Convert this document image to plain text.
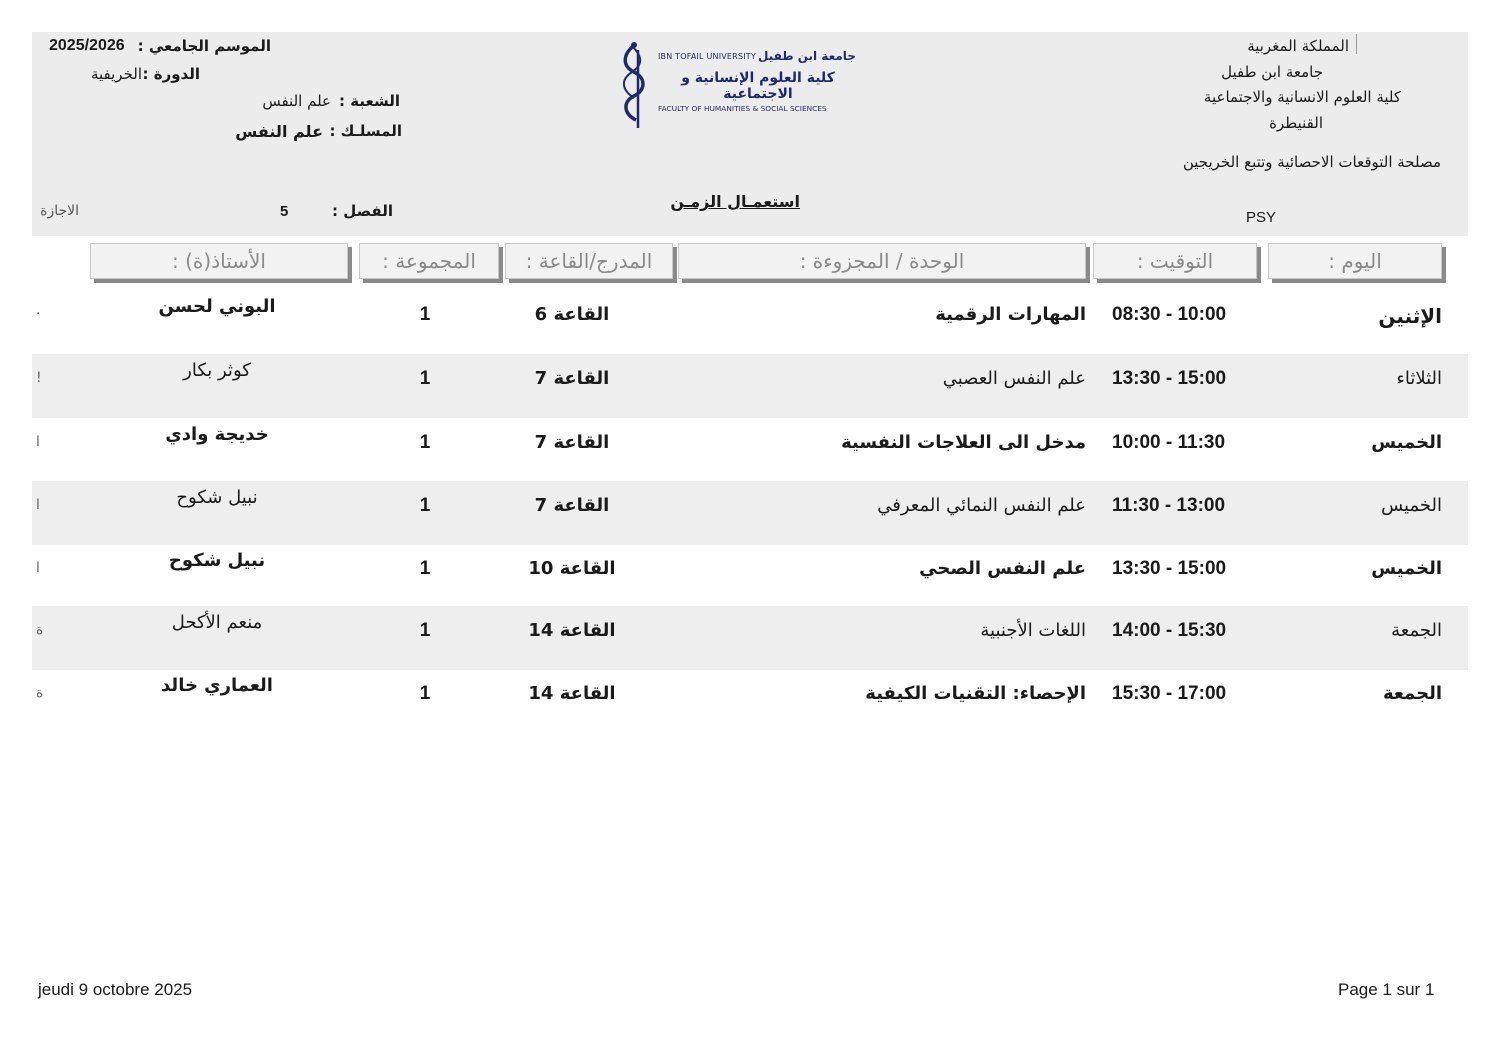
المملكة المغربية
جامعة ابن طفيل
كلية العلوم الانسانية والاجتماعية
القنيطرة
مصلحة التوقعات الاحصائية وتتبع الخريجين
PSY
IBN TOFAIL UNIVERSITY جامعة ابن طفيل
كلية العلوم الإنسانية و الاجتماعية
FACULTY OF HUMANITIES & SOCIAL SCIENCES
الموسم الجامعي :
2025/2026
الدورة :
الخريفية
الشعبة :
علم النفس
المسلـك :
علم النفس
الفصل :
5
الاجازة	استعمـال الزمـن
اليوم :
التوقيت :
الوحدة / المجزوءة :
المدرج/القاعة :
المجموعة :
الأستاذ(ة) :
الإثنين
08:30 - 10:00
المهارات الرقمية
القاعة 6
1
البوني لحسن
·
الثلاثاء
13:30 - 15:00
علم النفس العصبي
القاعة 7
1
كوثر بكار
!
الخميس
10:00 - 11:30
مدخل الى العلاجات النفسية
القاعة 7
1
خديجة وادي
ا
الخميس
11:30 - 13:00
علم النفس النمائي المعرفي
القاعة 7
1
نبيل شكوح
ا
الخميس
13:30 - 15:00
علم النفس الصحي
القاعة 10
1
نبيل شكوح
ا
الجمعة
14:00 - 15:30
اللغات الأجنبية
القاعة 14
1
منعم الأكحل
ة
الجمعة
15:30 - 17:00
الإحصاء: التقنيات الكيفية
القاعة 14
1
العماري خالد
ة
jeudi 9 octobre 2025	Page 1 sur 1
